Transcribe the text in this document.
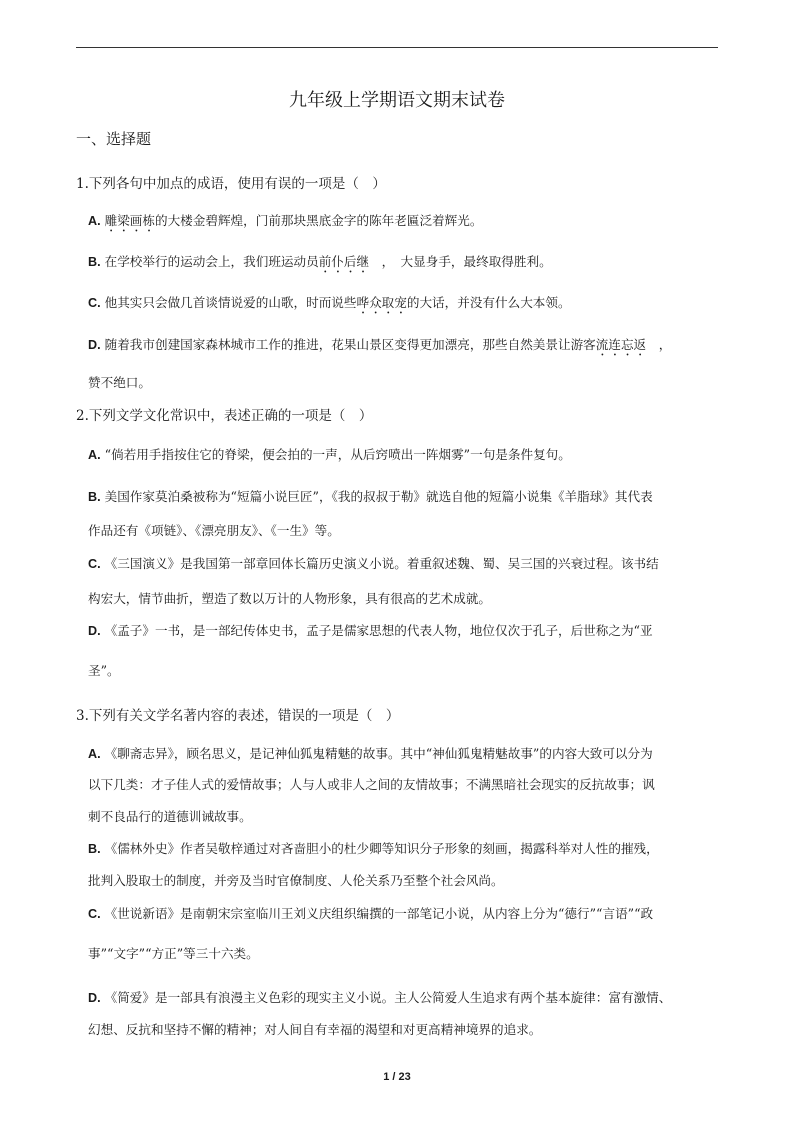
九年级上学期语文期末试卷
一、选择题
1.下列各句中加点的成语，使用有误的一项是（　）
A. 雕梁画栋的大楼金碧辉煌，门前那块黑底金字的陈年老匾泛着辉光。
B. 在学校举行的运动会上，我们班运动员前仆后继　，　大显身手，最终取得胜利。
C. 他其实只会做几首谈情说爱的山歌，时而说些哗众取宠的大话，并没有什么大本领。
D. 随着我市创建国家森林城市工作的推进，花果山景区变得更加漂亮，那些自然美景让游客流连忘返　，
赞不绝口。
2.下列文学文化常识中，表述正确的一项是（　）
A. “倘若用手指按住它的脊梁，便会拍的一声，从后窍喷出一阵烟雾”一句是条件复句。
B. 美国作家莫泊桑被称为“短篇小说巨匠”，《我的叔叔于勒》就选自他的短篇小说集《羊脂球》其代表
作品还有《项链》、《漂亮朋友》、《一生》等。
C. 《三国演义》是我国第一部章回体长篇历史演义小说。着重叙述魏、蜀、吴三国的兴衰过程。该书结
构宏大，情节曲折，塑造了数以万计的人物形象，具有很高的艺术成就。
D. 《孟子》一书，是一部纪传体史书，孟子是儒家思想的代表人物，地位仅次于孔子，后世称之为“亚
圣”。
3.下列有关文学名著内容的表述，错误的一项是（　）
A. 《聊斋志异》，顾名思义，是记神仙狐鬼精魅的故事。其中“神仙狐鬼精魅故事”的内容大致可以分为
以下几类：才子佳人式的爱情故事；人与人或非人之间的友情故事；不满黑暗社会现实的反抗故事；讽
刺不良品行的道德训诫故事。
B. 《儒林外史》作者吴敬梓通过对吝啬胆小的杜少卿等知识分子形象的刻画，揭露科举对人性的摧残，
批判入股取士的制度，并旁及当时官僚制度、人伦关系乃至整个社会风尚。
C. 《世说新语》是南朝宋宗室临川王刘义庆组织编撰的一部笔记小说，从内容上分为“德行”“言语”“政
事”“文字”“方正”等三十六类。
D. 《简爱》是一部具有浪漫主义色彩的现实主义小说。主人公简爱人生追求有两个基本旋律：富有激情、
幻想、反抗和坚持不懈的精神；对人间自有幸福的渴望和对更高精神境界的追求。
1 / 23
